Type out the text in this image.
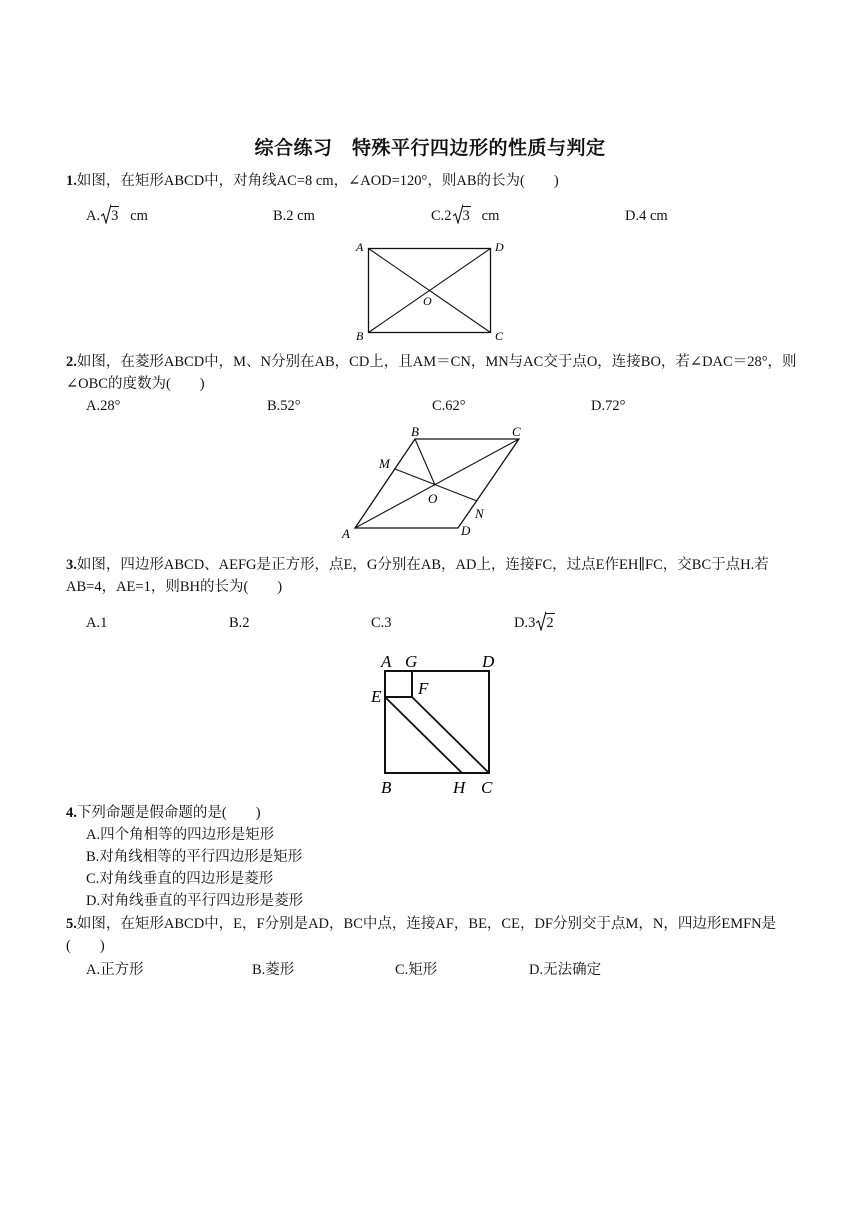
综合练习　特殊平行四边形的性质与判定
1.如图，在矩形ABCD中，对角线AC=8 cm，∠AOD=120°，则AB的长为(　　)
A. 3 cm	B.2 cm	C.2 3 cm	D.4 cm
A	D
B	C
O
2.如图，在菱形ABCD中，M、N分别在AB，CD上，且AM＝CN，MN与AC交于点O，连接BO，若∠DAC＝28°，则∠OBC的度数为(　　)
A.28°	B.52°	C.62°	D.72°
B	C
M
O
N
D
A
3.如图，四边形ABCD、AEFG是正方形，点E，G分别在AB，AD上，连接FC，过点E作EH∥FC，交BC于点H.若AB=4，AE=1，则BH的长为(　　)
A.1	B.2	C.3	D.3 2
A G	D
E F
B	H C
4.下列命题是假命题的是(　　)
A.四个角相等的四边形是矩形
B.对角线相等的平行四边形是矩形
C.对角线垂直的四边形是菱形
D.对角线垂直的平行四边形是菱形
5.如图，在矩形ABCD中，E，F分别是AD，BC中点，连接AF，BE，CE，DF分别交于点M，N，四边形EMFN是(　　)
A.正方形	B.菱形	C.矩形	D.无法确定
